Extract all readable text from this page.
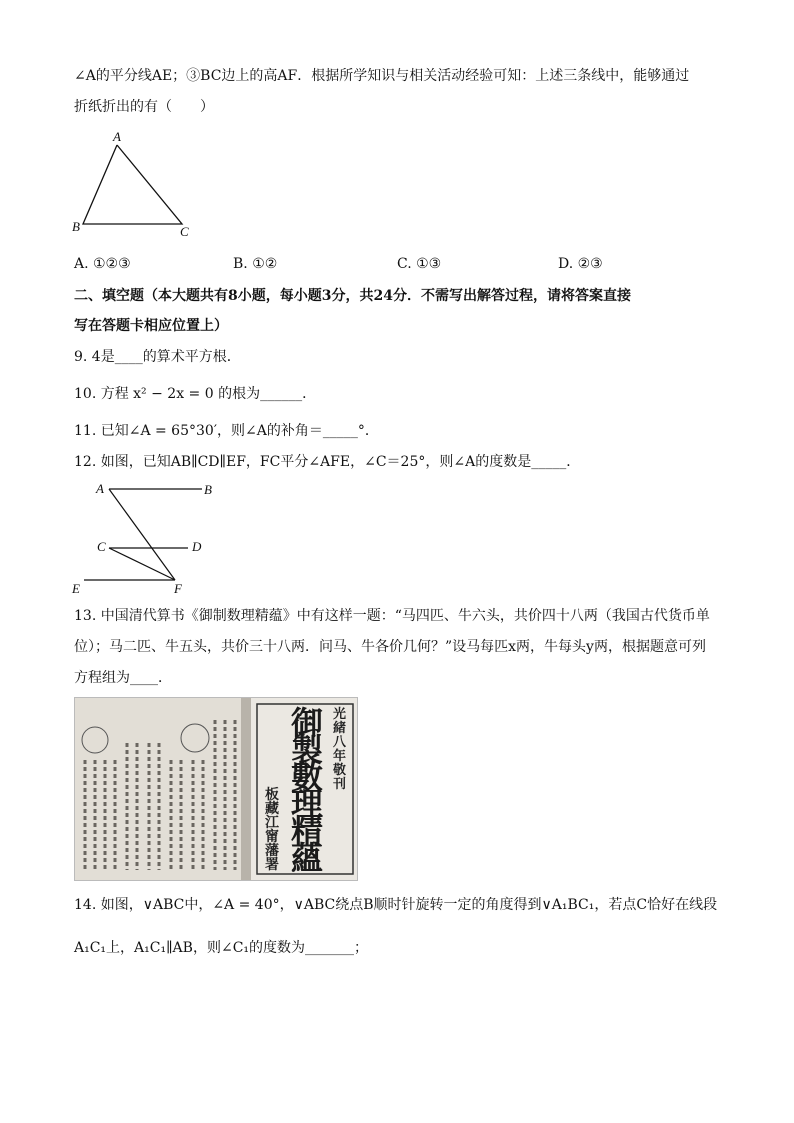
∠A的平分线AE；③BC边上的高AF．根据所学知识与相关活动经验可知：上述三条线中，能够通过
折纸折出的有（　　）
A
B	C
A. ①②③	B. ①②	C. ①③	D. ②③
二、填空题（本大题共有8小题，每小题3分，共24分．不需写出解答过程，请将答案直接
写在答题卡相应位置上）
9. 4是____的算术平方根．
10. 方程 x² − 2x = 0 的根为______．
11. 已知∠A = 65°30′，则∠A的补角＝_____°．
12. 如图，已知AB∥CD∥EF，FC平分∠AFE，∠C＝25°，则∠A的度数是_____．
A	B
C	D
E	F
13. 中国清代算书《御制数理精蕴》中有这样一题：“马四匹、牛六头，共价四十八两（我国古代货币单
位）；马二匹、牛五头，共价三十八两．问马、牛各价几何？”设马每匹x两，牛每头y两，根据题意可列
方程组为____．
光緒八年敬刊
御製數理精蘊
板藏江甯藩署
14. 如图，∨ABC中，∠A = 40°，∨ABC绕点B顺时针旋转一定的角度得到∨A₁BC₁，若点C恰好在线段
A₁C₁上，A₁C₁∥AB，则∠C₁的度数为_______；
